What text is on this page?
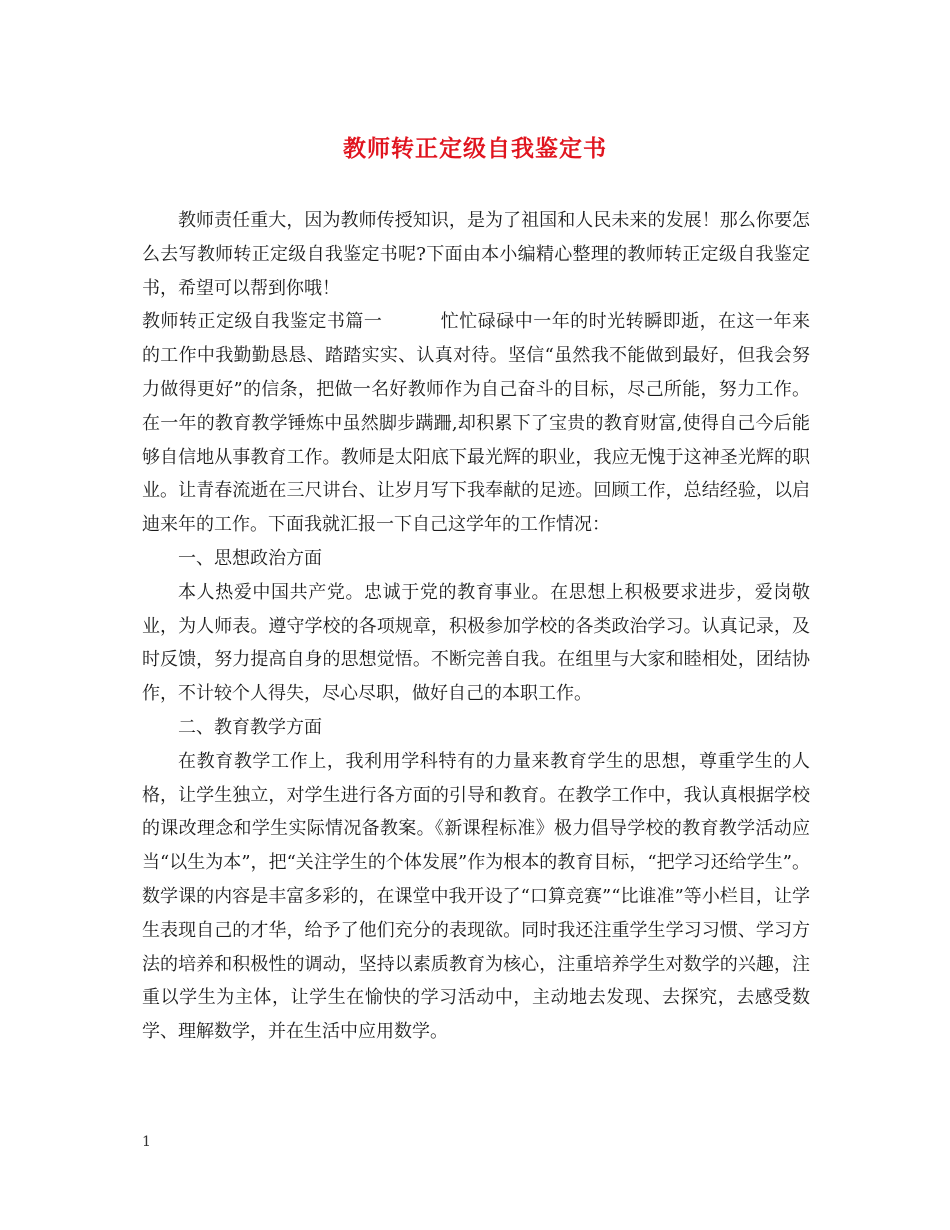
教师转正定级自我鉴定书

教师责任重大，因为教师传授知识，是为了祖国和人民未来的发展！那么你要怎么去写教师转正定级自我鉴定书呢?下面由本小编精心整理的教师转正定级自我鉴定书，希望可以帮到你哦！

教师转正定级自我鉴定书篇一	忙忙碌碌中一年的时光转瞬即逝，在这一年来的工作中我勤勤恳恳、踏踏实实、认真对待。坚信“虽然我不能做到最好，但我会努力做得更好”的信条，把做一名好教师作为自己奋斗的目标，尽己所能，努力工作。在一年的教育教学锤炼中虽然脚步蹒跚,却积累下了宝贵的教育财富,使得自己今后能够自信地从事教育工作。教师是太阳底下最光辉的职业，我应无愧于这神圣光辉的职业。让青春流逝在三尺讲台、让岁月写下我奉献的足迹。回顾工作，总结经验，以启迪来年的工作。下面我就汇报一下自己这学年的工作情况：

一、思想政治方面

本人热爱中国共产党。忠诚于党的教育事业。在思想上积极要求进步，爱岗敬业，为人师表。遵守学校的各项规章，积极参加学校的各类政治学习。认真记录，及时反馈，努力提高自身的思想觉悟。不断完善自我。在组里与大家和睦相处，团结协作，不计较个人得失，尽心尽职，做好自己的本职工作。

二、教育教学方面

在教育教学工作上，我利用学科特有的力量来教育学生的思想，尊重学生的人格，让学生独立，对学生进行各方面的引导和教育。在教学工作中，我认真根据学校的课改理念和学生实际情况备教案。《新课程标准》极力倡导学校的教育教学活动应当“以生为本”，把“关注学生的个体发展”作为根本的教育目标，“把学习还给学生”。数学课的内容是丰富多彩的，在课堂中我开设了“口算竞赛”“比谁准”等小栏目，让学生表现自己的才华，给予了他们充分的表现欲。同时我还注重学生学习习惯、学习方法的培养和积极性的调动，坚持以素质教育为核心，注重培养学生对数学的兴趣，注重以学生为主体，让学生在愉快的学习活动中，主动地去发现、去探究，去感受数学、理解数学，并在生活中应用数学。

1
